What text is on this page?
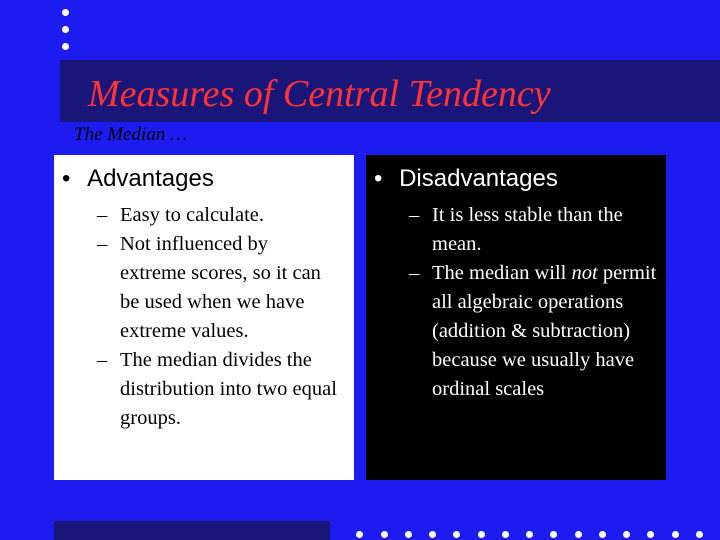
Measures of Central Tendency
The Median …
• Advantages
– Easy to calculate.
– Not influenced by extreme scores, so it can be used when we have extreme values.
– The median divides the distribution into two equal groups.
• Disadvantages
– It is less stable than the mean.
– The median will not permit all algebraic operations (addition & subtraction) because we usually have ordinal scales
